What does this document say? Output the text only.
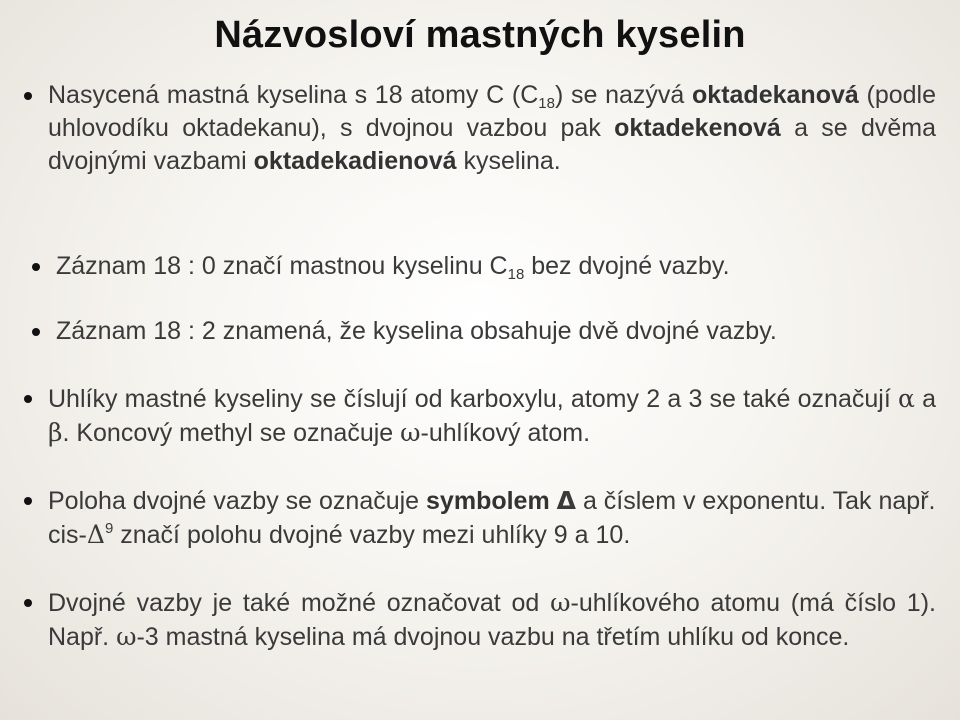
Názvosloví mastných kyselin
Nasycená mastná kyselina s 18 atomy C $(C_{18})$ se nazývá oktadekanová (podle uhlovodíku oktadekanu), s dvojnou vazbou pak oktadekenová a se dvěma dvojnými vazbami oktadekadienová kyselina.
Záznam 18 : 0 značí mastnou kyselinu $C_{18}$ bez dvojné vazby.
Záznam 18 : 2 znamená, že kyselina obsahuje dvě dvojné vazby.
Uhlíky mastné kyseliny se číslují od karboxylu, atomy 2 a 3 se také označují α a β. Koncový methyl se označuje ω-uhlíkový atom.
Poloha dvojné vazby se označuje symbolem Δ a číslem v exponentu. Tak např. cis-$\Delta^9$ značí polohu dvojné vazby mezi uhlíky 9 a 10.
Dvojné vazby je také možné označovat od ω-uhlíkového atomu (má číslo 1). Např. ω-3 mastná kyselina má dvojnou vazbu na třetím uhlíku od konce.
